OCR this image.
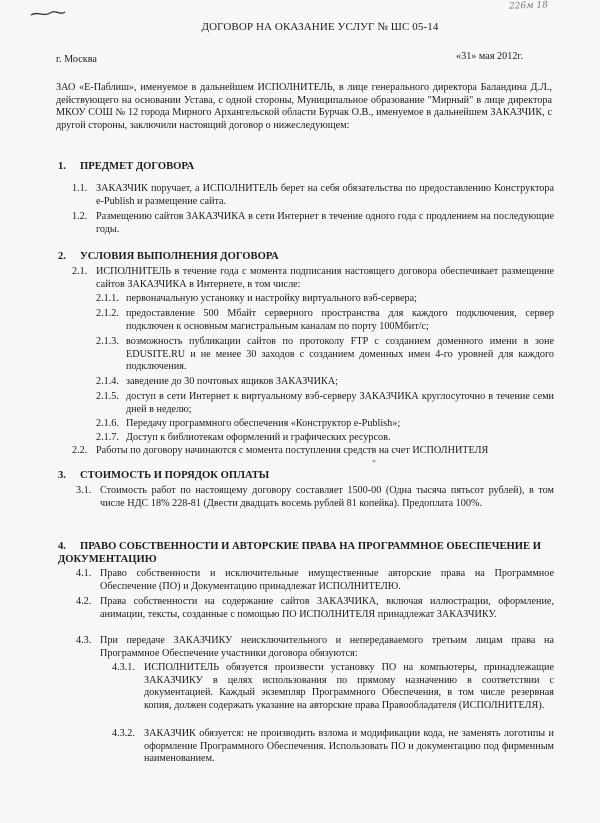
226м 18
ДОГОВОР НА ОКАЗАНИЕ УСЛУГ № ШС 05-14
г. Москва	«31» мая 2012г.
ЗАО «Е-Паблиш», именуемое в дальнейшем ИСПОЛНИТЕЛЬ, в лице генерального директора Баландина Д.Л., действующего на основании Устава, с одной стороны, Муниципальное образование "Мирный" в лице директора МКОУ СОШ № 12 города Мирного Архангельской области Бурчак О.В., именуемое в дальнейшем ЗАКАЗЧИК, с другой стороны, заключили настоящий договор о нижеследующем:
1. ПРЕДМЕТ ДОГОВОРА
1.1. ЗАКАЗЧИК поручает, а ИСПОЛНИТЕЛЬ берет на себя обязательства по предоставлению Конструктора e-Publish и размещение сайта.
1.2. Размещению сайтов ЗАКАЗЧИКА в сети Интернет в течение одного года с продлением на последующие годы.
2. УСЛОВИЯ ВЫПОЛНЕНИЯ ДОГОВОРА
2.1. ИСПОЛНИТЕЛЬ в течение года с момента подписания настоящего договора обеспечивает размещение сайтов ЗАКАЗЧИКА в Интернете, в том числе:
2.1.1. первоначальную установку и настройку виртуального вэб-сервера;
2.1.2. предоставление 500 Мбайт серверного пространства для каждого подключения, сервер подключен к основным магистральным каналам по порту 100Мбит/с;
2.1.3. возможность публикации сайтов по протоколу FTP с созданием доменного имени в зоне EDUSITE.RU и не менее 30 заходов с созданием доменных имен 4-го уровней для каждого подключения.
2.1.4. заведение до 30 почтовых ящиков ЗАКАЗЧИКА;
2.1.5. доступ в сети Интернет к виртуальному вэб-серверу ЗАКАЗЧИКА круглосуточно в течение семи дней в неделю;
2.1.6. Передачу программного обеспечения «Конструктор e-Publish»;
2.1.7. Доступ к библиотекам оформлений и графических ресурсов.
2.2. Работы по договору начинаются с момента поступления средств на счет ИСПОЛНИТЕЛЯ
*
3. СТОИМОСТЬ И ПОРЯДОК ОПЛАТЫ
3.1. Стоимость работ по настоящему договору составляет 1500-00 (Одна тысяча пятьсот рублей), в том числе НДС 18% 228-81 (Двести двадцать восемь рублей 81 копейка). Предоплата 100%.
4. ПРАВО СОБСТВЕННОСТИ И АВТОРСКИЕ ПРАВА НА ПРОГРАММНОЕ ОБЕСПЕЧЕНИЕ И ДОКУМЕНТАЦИЮ
4.1. Право собственности и исключительные имущественные авторские права на Программное Обеспечение (ПО) и Документацию принадлежат ИСПОЛНИТЕЛЮ.
4.2. Права собственности на содержание сайтов ЗАКАЗЧИКА, включая иллюстрации, оформление, анимации, тексты, созданные с помощью ПО ИСПОЛНИТЕЛЯ принадлежат ЗАКАЗЧИКУ.
4.3. При передаче ЗАКАЗЧИКУ неисключительного и непередаваемого третьим лицам права на Программное Обеспечение участники договора обязуются:
4.3.1. ИСПОЛНИТЕЛЬ обязуется произвести установку ПО на компьютеры, принадлежащие ЗАКАЗЧИКУ в целях использования по прямому назначению в соответствии с документацией. Каждый экземпляр Программного Обеспечения, в том числе резервная копия, должен содержать указание на авторские права Правообладателя (ИСПОЛНИТЕЛЯ).
4.3.2. ЗАКАЗЧИК обязуется: не производить взлома и модификации кода, не заменять логотипы и оформление Программного Обеспечения. Использовать ПО и документацию под фирменным наименованием.
